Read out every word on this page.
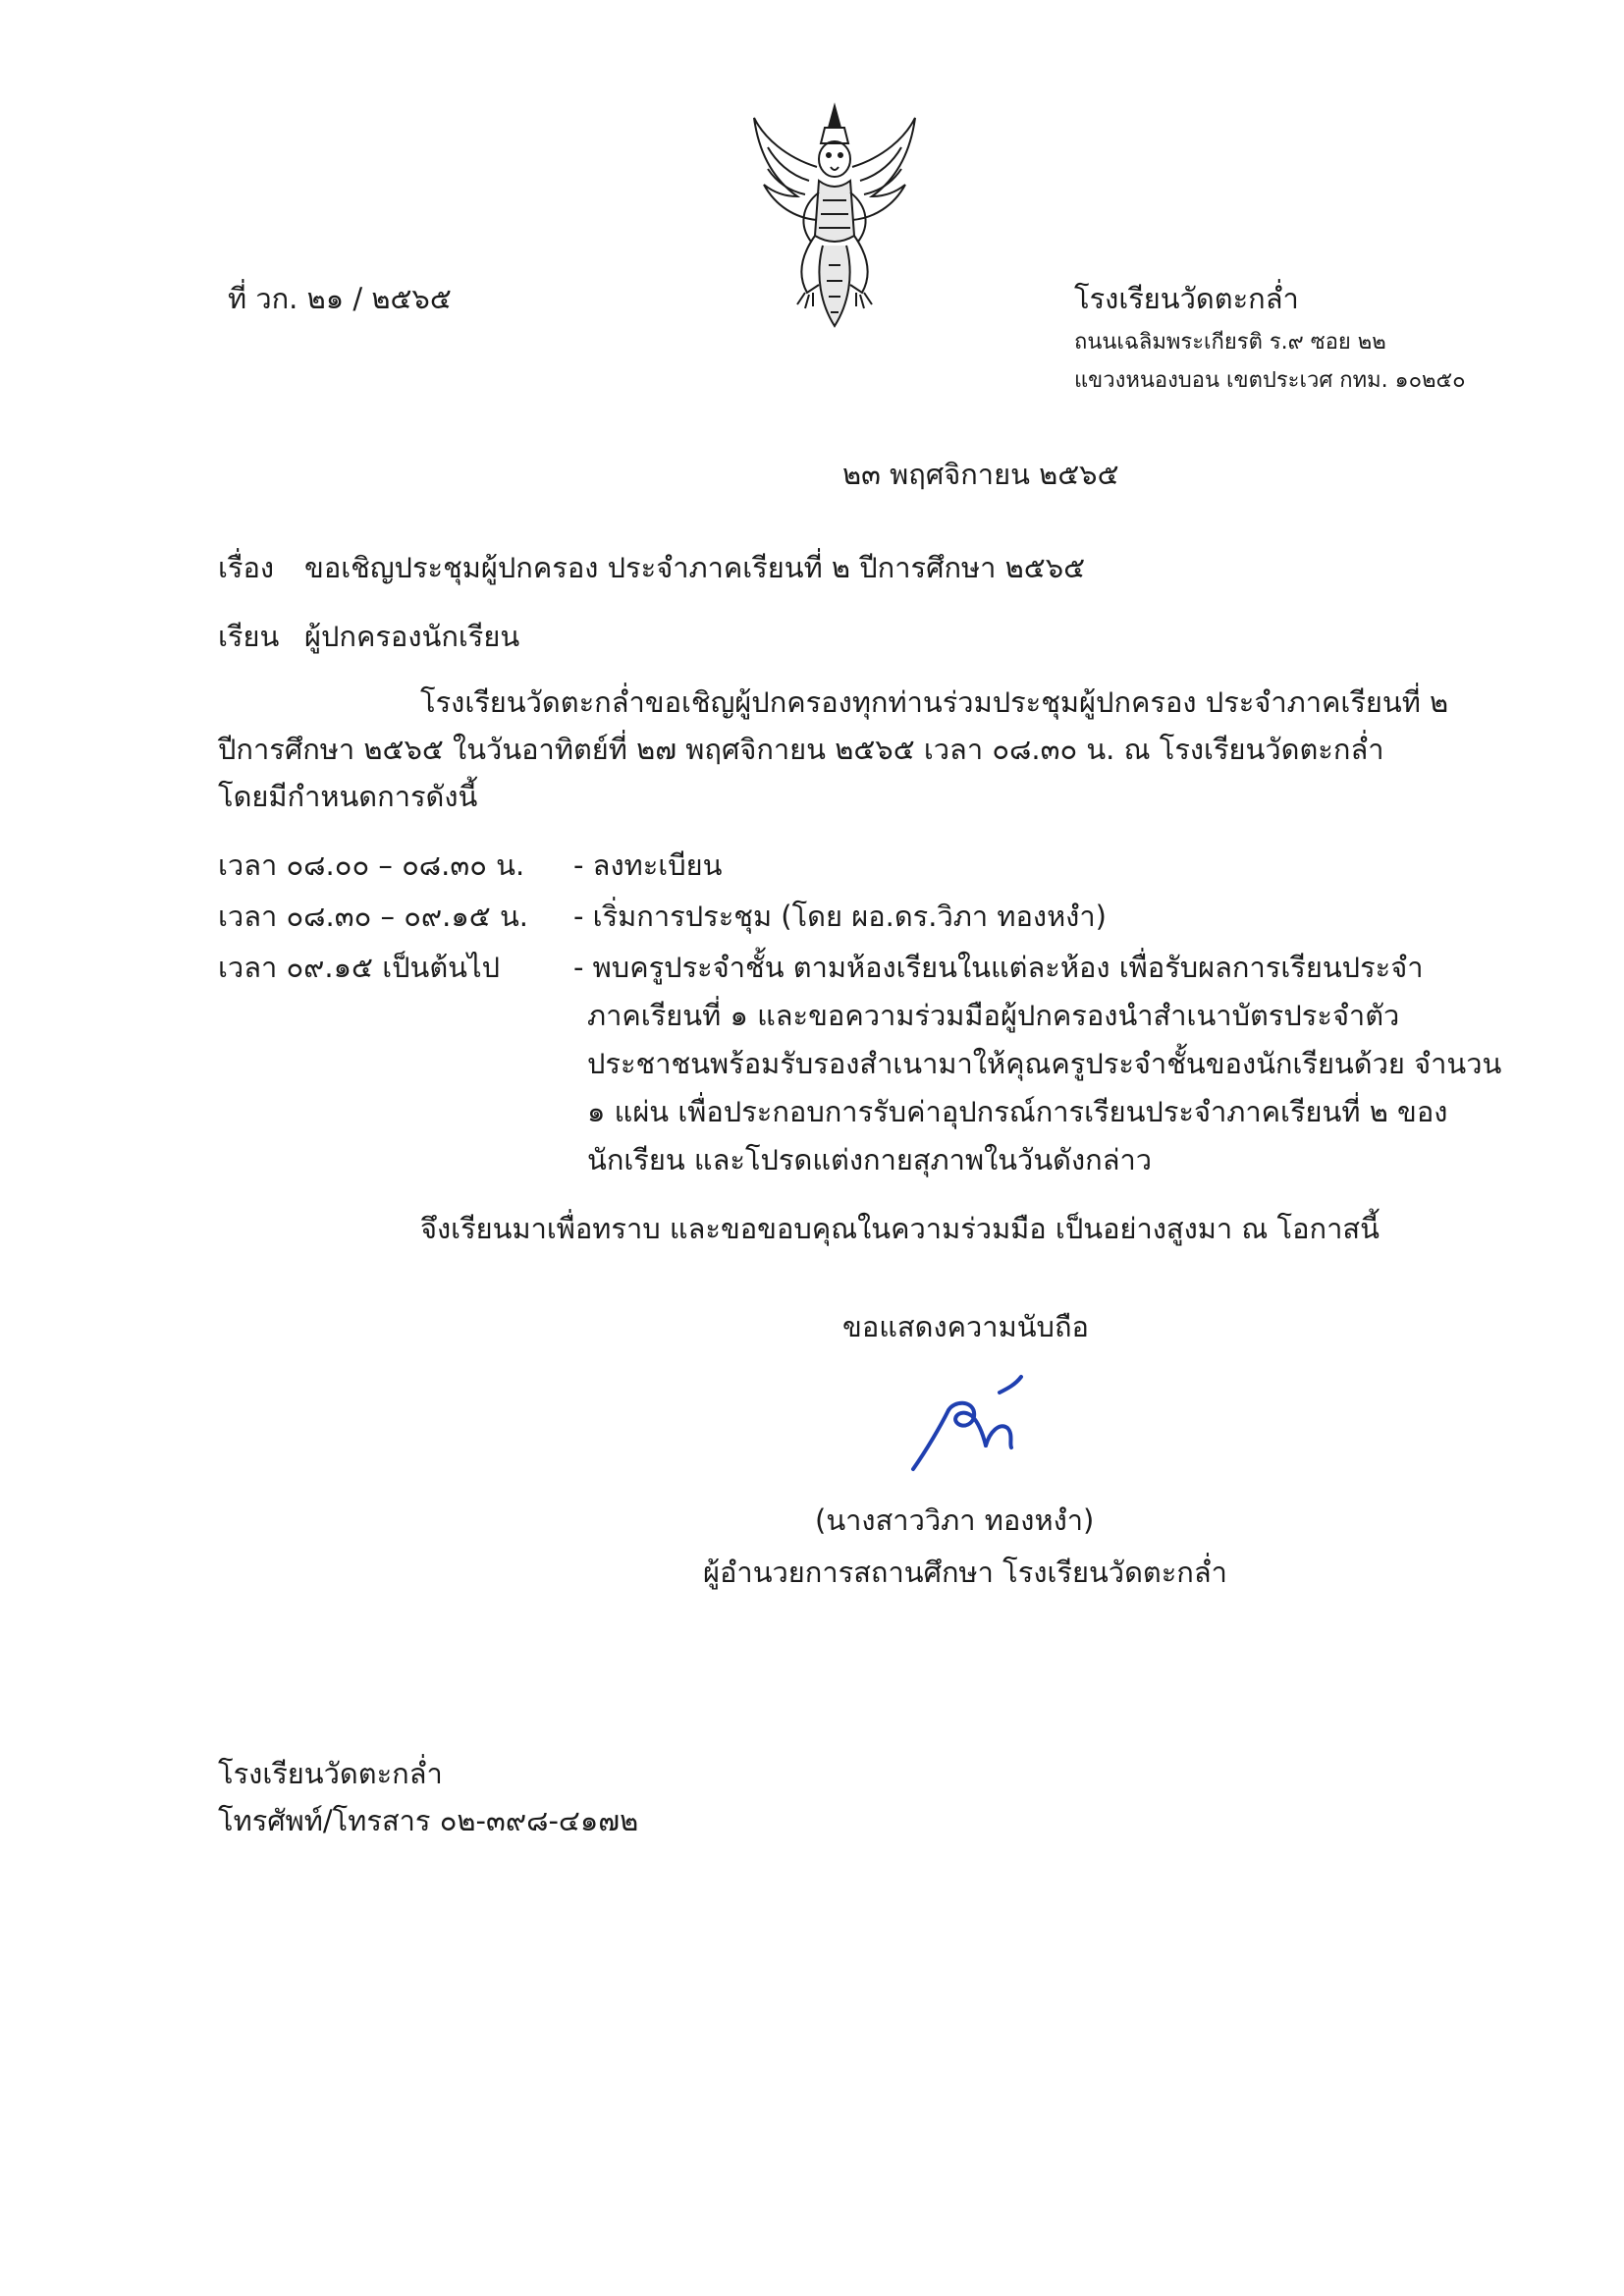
ที่ วก. ๒๑ / ๒๕๖๕	โรงเรียนวัดตะกล่ำ
ถนนเฉลิมพระเกียรติ ร.๙ ซอย ๒๒
แขวงหนองบอน เขตประเวศ กทม. ๑๐๒๕๐
๒๓ พฤศจิกายน ๒๕๖๕
เรื่อง ขอเชิญประชุมผู้ปกครอง ประจำภาคเรียนที่ ๒ ปีการศึกษา ๒๕๖๕
เรียน ผู้ปกครองนักเรียน
โรงเรียนวัดตะกล่ำขอเชิญผู้ปกครองทุกท่านร่วมประชุมผู้ปกครอง ประจำภาคเรียนที่ ๒
ปีการศึกษา ๒๕๖๕ ในวันอาทิตย์ที่ ๒๗ พฤศจิกายน ๒๕๖๕ เวลา ๐๘.๓๐ น. ณ โรงเรียนวัดตะกล่ำ
โดยมีกำหนดการดังนี้
เวลา ๐๘.๐๐ – ๐๘.๓๐ น. - ลงทะเบียน
เวลา ๐๘.๓๐ – ๐๙.๑๕ น. - เริ่มการประชุม (โดย ผอ.ดร.วิภา ทองหงำ)
เวลา ๐๙.๑๕ เป็นต้นไป	- พบครูประจำชั้น ตามห้องเรียนในแต่ละห้อง เพื่อรับผลการเรียนประจำ
ภาคเรียนที่ ๑ และขอความร่วมมือผู้ปกครองนำสำเนาบัตรประจำตัว
ประชาชนพร้อมรับรองสำเนามาให้คุณครูประจำชั้นของนักเรียนด้วย จำนวน
๑ แผ่น เพื่อประกอบการรับค่าอุปกรณ์การเรียนประจำภาคเรียนที่ ๒ ของ
นักเรียน และโปรดแต่งกายสุภาพในวันดังกล่าว
จึงเรียนมาเพื่อทราบ และขอขอบคุณในความร่วมมือ เป็นอย่างสูงมา ณ โอกาสนี้
ขอแสดงความนับถือ
(นางสาววิภา ทองหงำ)
ผู้อำนวยการสถานศึกษา โรงเรียนวัดตะกล่ำ
โรงเรียนวัดตะกล่ำ
โทรศัพท์/โทรสาร ๐๒-๓๙๘-๔๑๗๒
